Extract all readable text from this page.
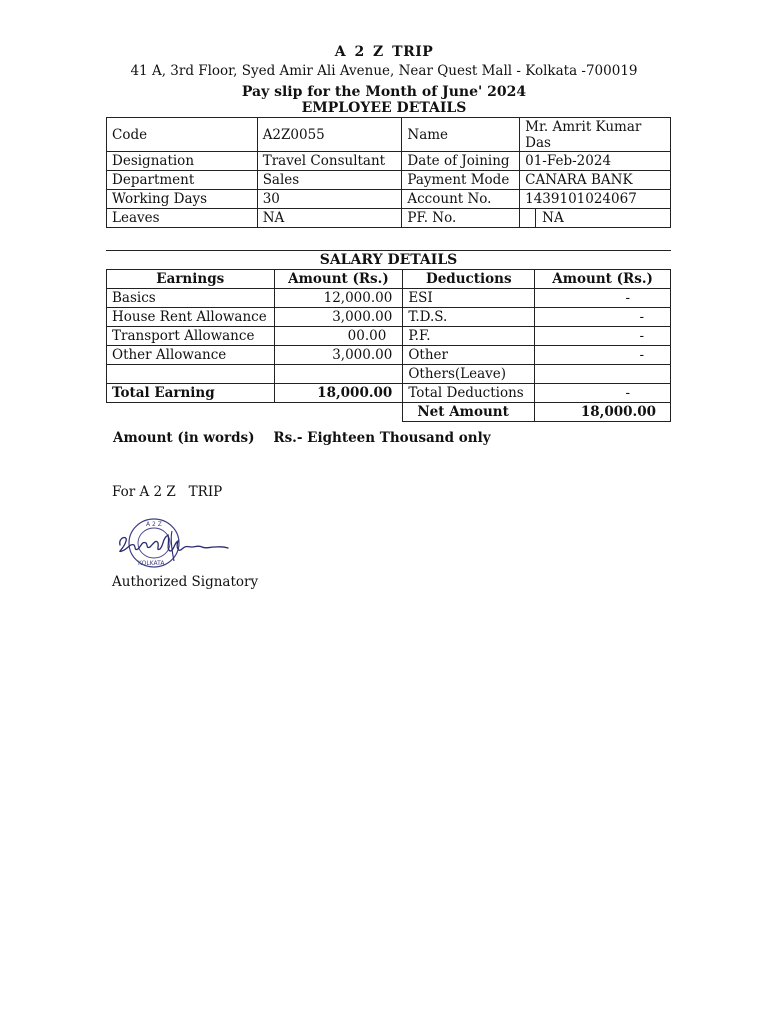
A 2 Z TRIP
41 A, 3rd Floor, Syed Amir Ali Avenue, Near Quest Mall - Kolkata -700019
Pay slip for the Month of June' 2024
EMPLOYEE DETAILS
Code	A2Z0055	Name	Mr. Amrit Kumar Das
Designation	Travel Consultant	Date of Joining	01-Feb-2024
Department	Sales	Payment Mode	CANARA BANK
Working Days	30	Account No.	1439101024067
Leaves	NA	PF. No.	NA
SALARY DETAILS
Earnings	Amount (Rs.)	Deductions	Amount (Rs.)
Basics	12,000.00	ESI	-
House Rent Allowance	3,000.00	T.D.S.	-
Transport Allowance	00.00	P.F.	-
Other Allowance	3,000.00	Other	-
		Others(Leave)	
Total Earning	18,000.00	Total Deductions	-
		Net Amount	18,000.00
Amount (in words) Rs.- Eighteen Thousand only
For A 2 Z   TRIP
A 2 Z
KOLKATA
Authorized Signatory
